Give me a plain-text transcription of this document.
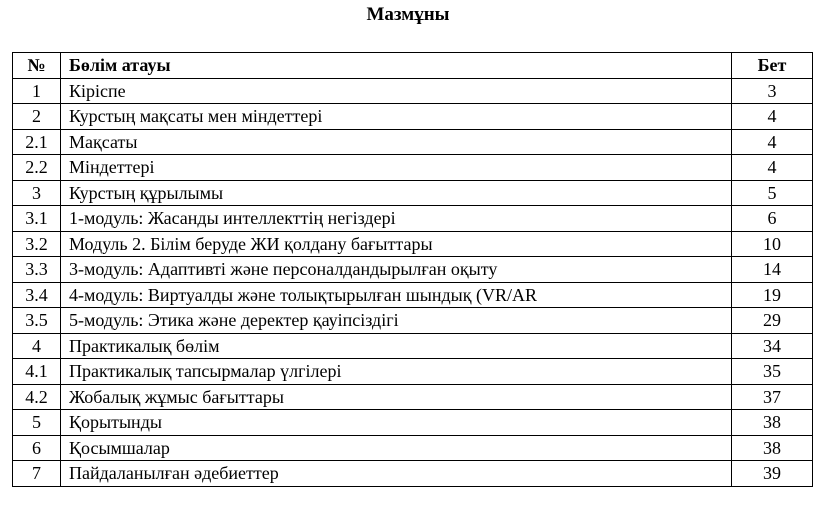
Мазмұны
№	Бөлім атауы	Бет
1	Кіріспе	3
2	Курстың мақсаты мен міндеттері	4
2.1	Мақсаты	4
2.2	Міндеттері	4
3	Курстың құрылымы	5
3.1	1-модуль: Жасанды интеллекттің негіздері	6
3.2	Модуль 2. Білім беруде ЖИ қолдану бағыттары	10
3.3	3-модуль: Адаптивті және персоналдандырылған оқыту	14
3.4	4-модуль: Виртуалды және толықтырылған шындық (VR/AR	19
3.5	5-модуль: Этика және деректер қауіпсіздігі	29
4	Практикалық бөлім	34
4.1	Практикалық тапсырмалар үлгілері	35
4.2	Жобалық жұмыс бағыттары	37
5	Қорытынды	38
6	Қосымшалар	38
7	Пайдаланылған әдебиеттер	39
